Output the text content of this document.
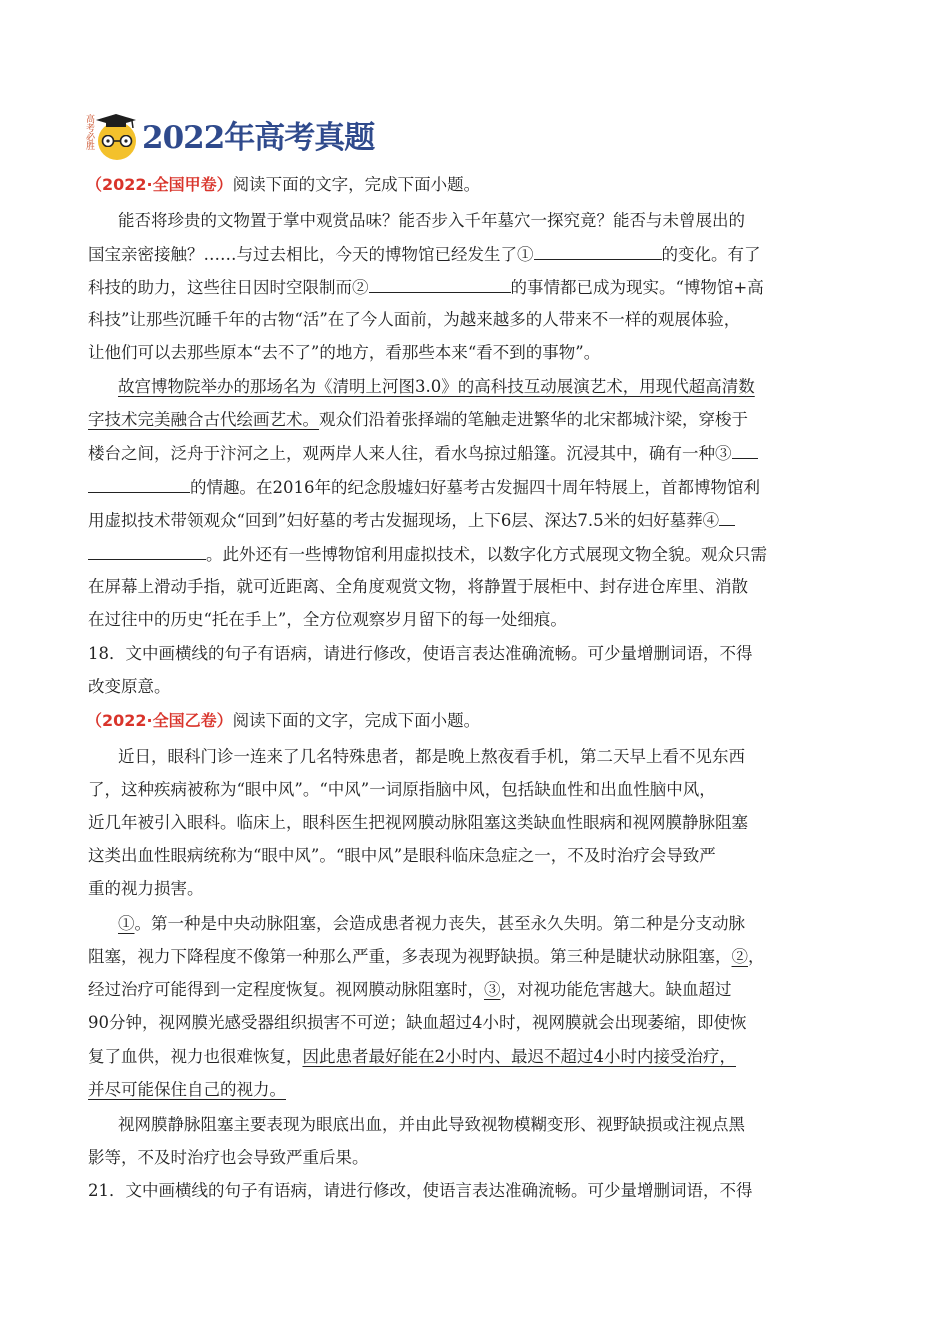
高考必胜 2022年高考真题
（2022·全国甲卷）阅读下面的文字，完成下面小题。
能否将珍贵的文物置于掌中观赏品味？能否步入千年墓穴一探究竟？能否与未曾展出的
国宝亲密接触？……与过去相比，今天的博物馆已经发生了①	的变化。有了
科技的助力，这些往日因时空限制而②	的事情都已成为现实。“博物馆+高
科技”让那些沉睡千年的古物“活”在了今人面前，为越来越多的人带来不一样的观展体验，
让他们可以去那些原本“去不了”的地方，看那些本来“看不到的事物”。
故宫博物院举办的那场名为《清明上河图3.0》的高科技互动展演艺术，用现代超高清数
字技术完美融合古代绘画艺术。观众们沿着张择端的笔触走进繁华的北宋都城汴梁，穿梭于
楼台之间，泛舟于汴河之上，观两岸人来人往，看水鸟掠过船篷。沉浸其中，确有一种③
的情趣。在2016年的纪念殷墟妇好墓考古发掘四十周年特展上，首都博物馆利
用虚拟技术带领观众“回到”妇好墓的考古发掘现场，上下6层、深达7.5米的妇好墓葬④
。此外还有一些博物馆利用虚拟技术，以数字化方式展现文物全貌。观众只需
在屏幕上滑动手指，就可近距离、全角度观赏文物，将静置于展柜中、封存进仓库里、消散
在过往中的历史“托在手上”，全方位观察岁月留下的每一处细痕。
18．文中画横线的句子有语病，请进行修改，使语言表达准确流畅。可少量增删词语，不得
改变原意。
（2022·全国乙卷）阅读下面的文字，完成下面小题。
近日，眼科门诊一连来了几名特殊患者，都是晚上熬夜看手机，第二天早上看不见东西
了，这种疾病被称为“眼中风”。“中风”一词原指脑中风，包括缺血性和出血性脑中风，
近几年被引入眼科。临床上，眼科医生把视网膜动脉阻塞这类缺血性眼病和视网膜静脉阻塞
这类出血性眼病统称为“眼中风”。“眼中风”是眼科临床急症之一，不及时治疗会导致严
重的视力损害。
①。第一种是中央动脉阻塞，会造成患者视力丧失，甚至永久失明。第二种是分支动脉
阻塞，视力下降程度不像第一种那么严重，多表现为视野缺损。第三种是睫状动脉阻塞，②，
经过治疗可能得到一定程度恢复。视网膜动脉阻塞时，③，对视功能危害越大。缺血超过
90分钟，视网膜光感受器组织损害不可逆；缺血超过4小时，视网膜就会出现萎缩，即使恢
复了血供，视力也很难恢复，因此患者最好能在2小时内、最迟不超过4小时内接受治疗，
并尽可能保住自己的视力。
视网膜静脉阻塞主要表现为眼底出血，并由此导致视物模糊变形、视野缺损或注视点黑
影等，不及时治疗也会导致严重后果。
21．文中画横线的句子有语病，请进行修改，使语言表达准确流畅。可少量增删词语，不得
